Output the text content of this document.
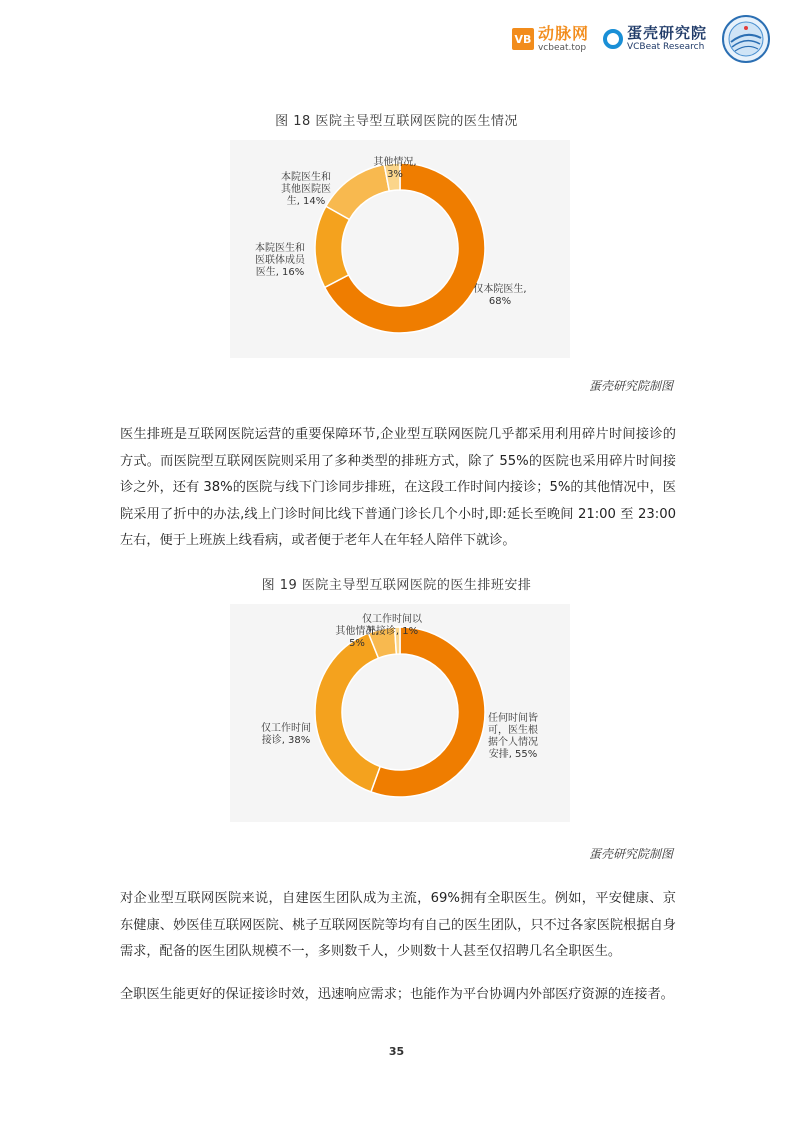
VB 动脉网
vcbeat.top
蛋壳研究院
VCBeat Research
图 18 医院主导型互联网医院的医生情况
仅本院医生, 68%
本院医生和医联体成员医生, 16%
本院医生和其他医院医生, 14%
其他情况, 3%
蛋壳研究院制图
医生排班是互联网医院运营的重要保障环节,企业型互联网医院几乎都采用利用碎片时间接诊的方式。而医院型互联网医院则采用了多种类型的排班方式，除了 55%的医院也采用碎片时间接诊之外，还有 38%的医院与线下门诊同步排班，在这段工作时间内接诊；5%的其他情况中，医院采用了折中的办法,线上门诊时间比线下普通门诊长几个小时,即:延长至晚间 21:00 至 23:00 左右，便于上班族上线看病，或者便于老年人在年轻人陪伴下就诊。
图 19 医院主导型互联网医院的医生排班安排
任何时间皆可，医生根据个人情况安排, 55%
仅工作时间接诊, 38%
其他情况, 5%
仅工作时间以外接诊, 1%
蛋壳研究院制图
对企业型互联网医院来说，自建医生团队成为主流，69%拥有全职医生。例如，平安健康、京东健康、妙医佳互联网医院、桃子互联网医院等均有自己的医生团队，只不过各家医院根据自身需求，配备的医生团队规模不一，多则数千人，少则数十人甚至仅招聘几名全职医生。
全职医生能更好的保证接诊时效，迅速响应需求；也能作为平台协调内外部医疗资源的连接者。
35
